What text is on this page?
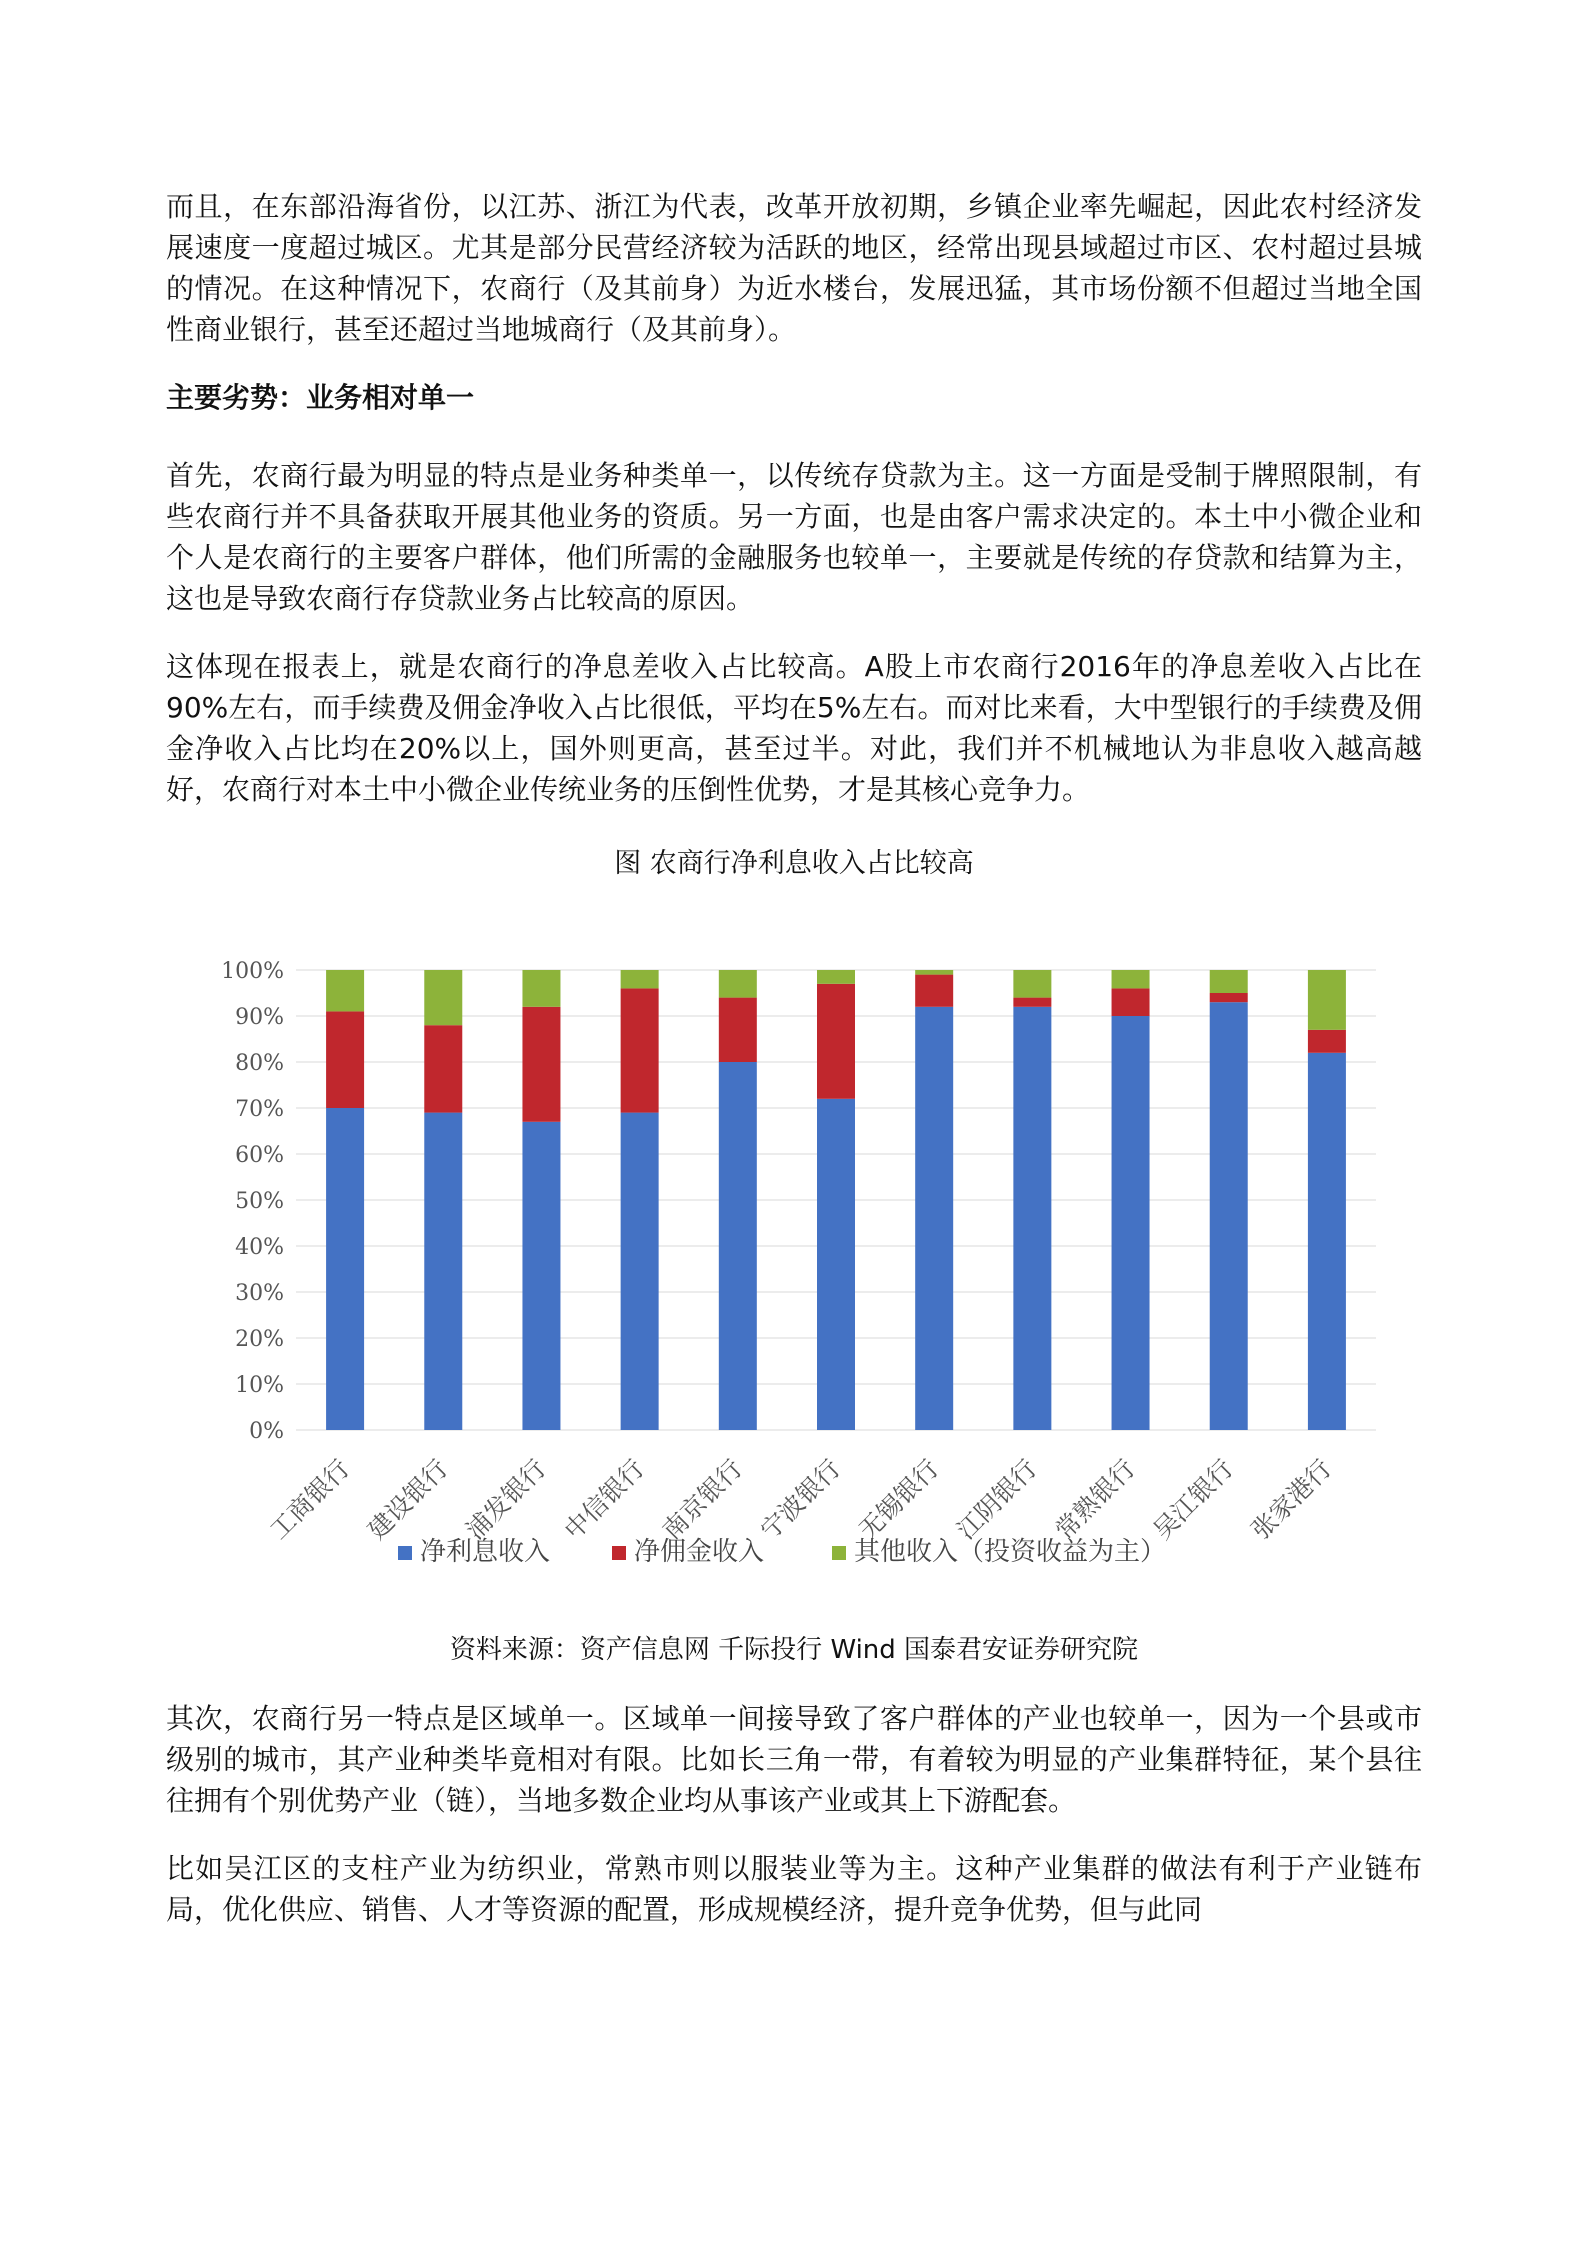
而且，在东部沿海省份，以江苏、浙江为代表，改革开放初期，乡镇企业率先崛起，因此农村经济发展速度一度超过城区。尤其是部分民营经济较为活跃的地区，经常出现县域超过市区、农村超过县城的情况。在这种情况下，农商行（及其前身）为近水楼台，发展迅猛，其市场份额不但超过当地全国性商业银行，甚至还超过当地城商行（及其前身）。

主要劣势：业务相对单一

首先，农商行最为明显的特点是业务种类单一，以传统存贷款为主。这一方面是受制于牌照限制，有些农商行并不具备获取开展其他业务的资质。另一方面，也是由客户需求决定的。本土中小微企业和个人是农商行的主要客户群体，他们所需的金融服务也较单一，主要就是传统的存贷款和结算为主，这也是导致农商行存贷款业务占比较高的原因。

这体现在报表上，就是农商行的净息差收入占比较高。A股上市农商行2016年的净息差收入占比在90%左右，而手续费及佣金净收入占比很低，平均在5%左右。而对比来看，大中型银行的手续费及佣金净收入占比均在20%以上，国外则更高，甚至过半。对此，我们并不机械地认为非息收入越高越好，农商行对本土中小微企业传统业务的压倒性优势，才是其核心竞争力。

图 农商行净利息收入占比较高
0%
10%
20%
30%
40%
50%
60%
70%
80%
90%
100%
工商银行 建设银行 浦发银行 中信银行 南京银行 宁波银行 无锡银行 江阴银行 常熟银行 吴江银行 张家港行
净利息收入	净佣金收入	其他收入（投资收益为主）
资料来源：资产信息网 千际投行 Wind 国泰君安证券研究院

其次，农商行另一特点是区域单一。区域单一间接导致了客户群体的产业也较单一，因为一个县或市级别的城市，其产业种类毕竟相对有限。比如长三角一带，有着较为明显的产业集群特征，某个县往往拥有个别优势产业（链），当地多数企业均从事该产业或其上下游配套。

比如吴江区的支柱产业为纺织业，常熟市则以服装业等为主。这种产业集群的做法有利于产业链布局，优化供应、销售、人才等资源的配置，形成规模经济，提升竞争优势，但与此同
